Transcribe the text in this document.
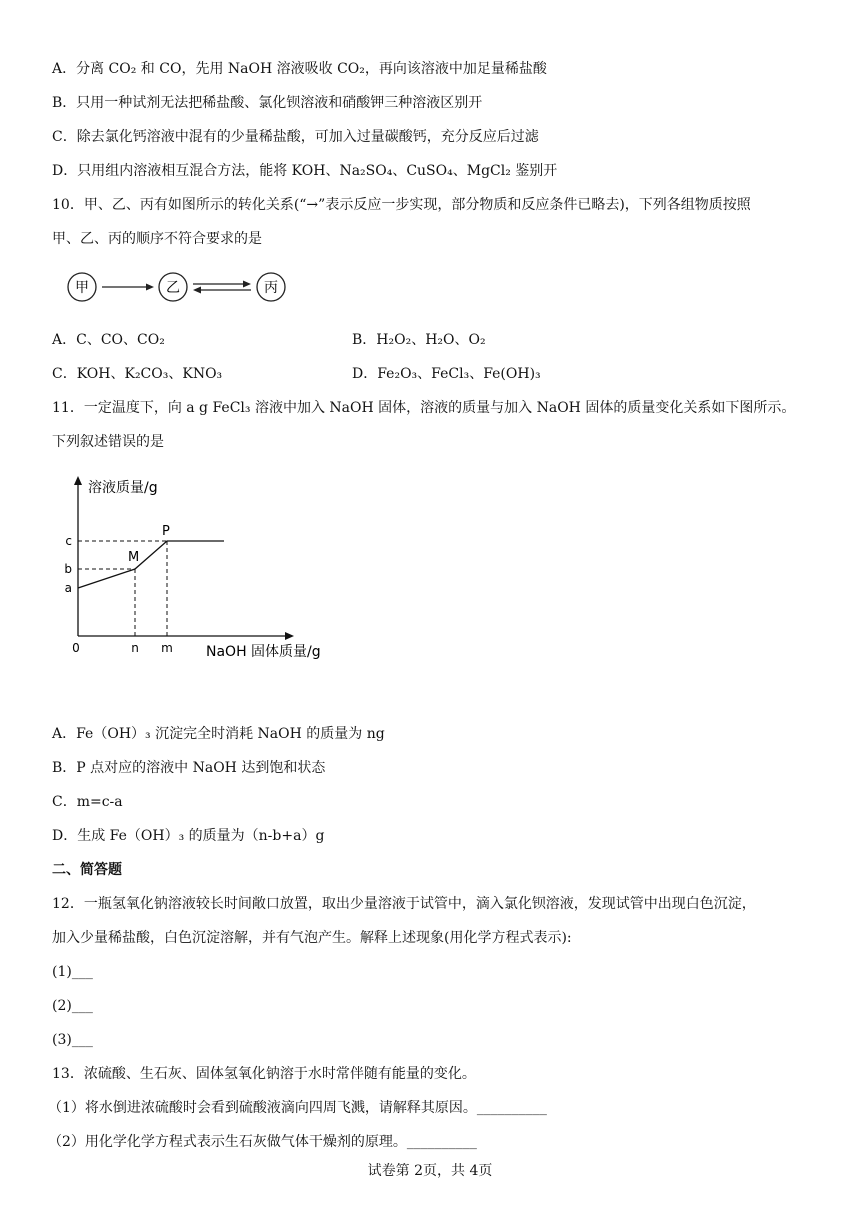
A．分离 CO₂ 和 CO，先用 NaOH 溶液吸收 CO₂，再向该溶液中加足量稀盐酸
B．只用一种试剂无法把稀盐酸、氯化钡溶液和硝酸钾三种溶液区别开
C．除去氯化钙溶液中混有的少量稀盐酸，可加入过量碳酸钙，充分反应后过滤
D．只用组内溶液相互混合方法，能将 KOH、Na₂SO₄、CuSO₄、MgCl₂ 鉴别开
10．甲、乙、丙有如图所示的转化关系(“→”表示反应一步实现，部分物质和反应条件已略去)，下列各组物质按照
甲、乙、丙的顺序不符合要求的是
甲	乙	丙
A．C、CO、CO₂	B．H₂O₂、H₂O、O₂
C．KOH、K₂CO₃、KNO₃	D．Fe₂O₃、FeCl₃、Fe(OH)₃
11．一定温度下，向 a g FeCl₃ 溶液中加入 NaOH 固体，溶液的质量与加入 NaOH 固体的质量变化关系如下图所示。
下列叙述错误的是
溶液质量/g
NaOH 固体质量/g
0
a
b
c
n m
M
P
A．Fe（OH）₃ 沉淀完全时消耗 NaOH 的质量为 ng
B．P 点对应的溶液中 NaOH 达到饱和状态
C．m=c-a
D．生成 Fe（OH）₃ 的质量为（n-b+a）g
二、简答题
12．一瓶氢氧化钠溶液较长时间敞口放置，取出少量溶液于试管中，滴入氯化钡溶液，发现试管中出现白色沉淀，
加入少量稀盐酸，白色沉淀溶解，并有气泡产生。解释上述现象(用化学方程式表示):
(1)___
(2)___
(3)___
13．浓硫酸、生石灰、固体氢氧化钠溶于水时常伴随有能量的变化。
（1）将水倒进浓硫酸时会看到硫酸液滴向四周飞溅，请解释其原因。__________
（2）用化学化学方程式表示生石灰做气体干燥剂的原理。__________
试卷第 2页，共 4页
